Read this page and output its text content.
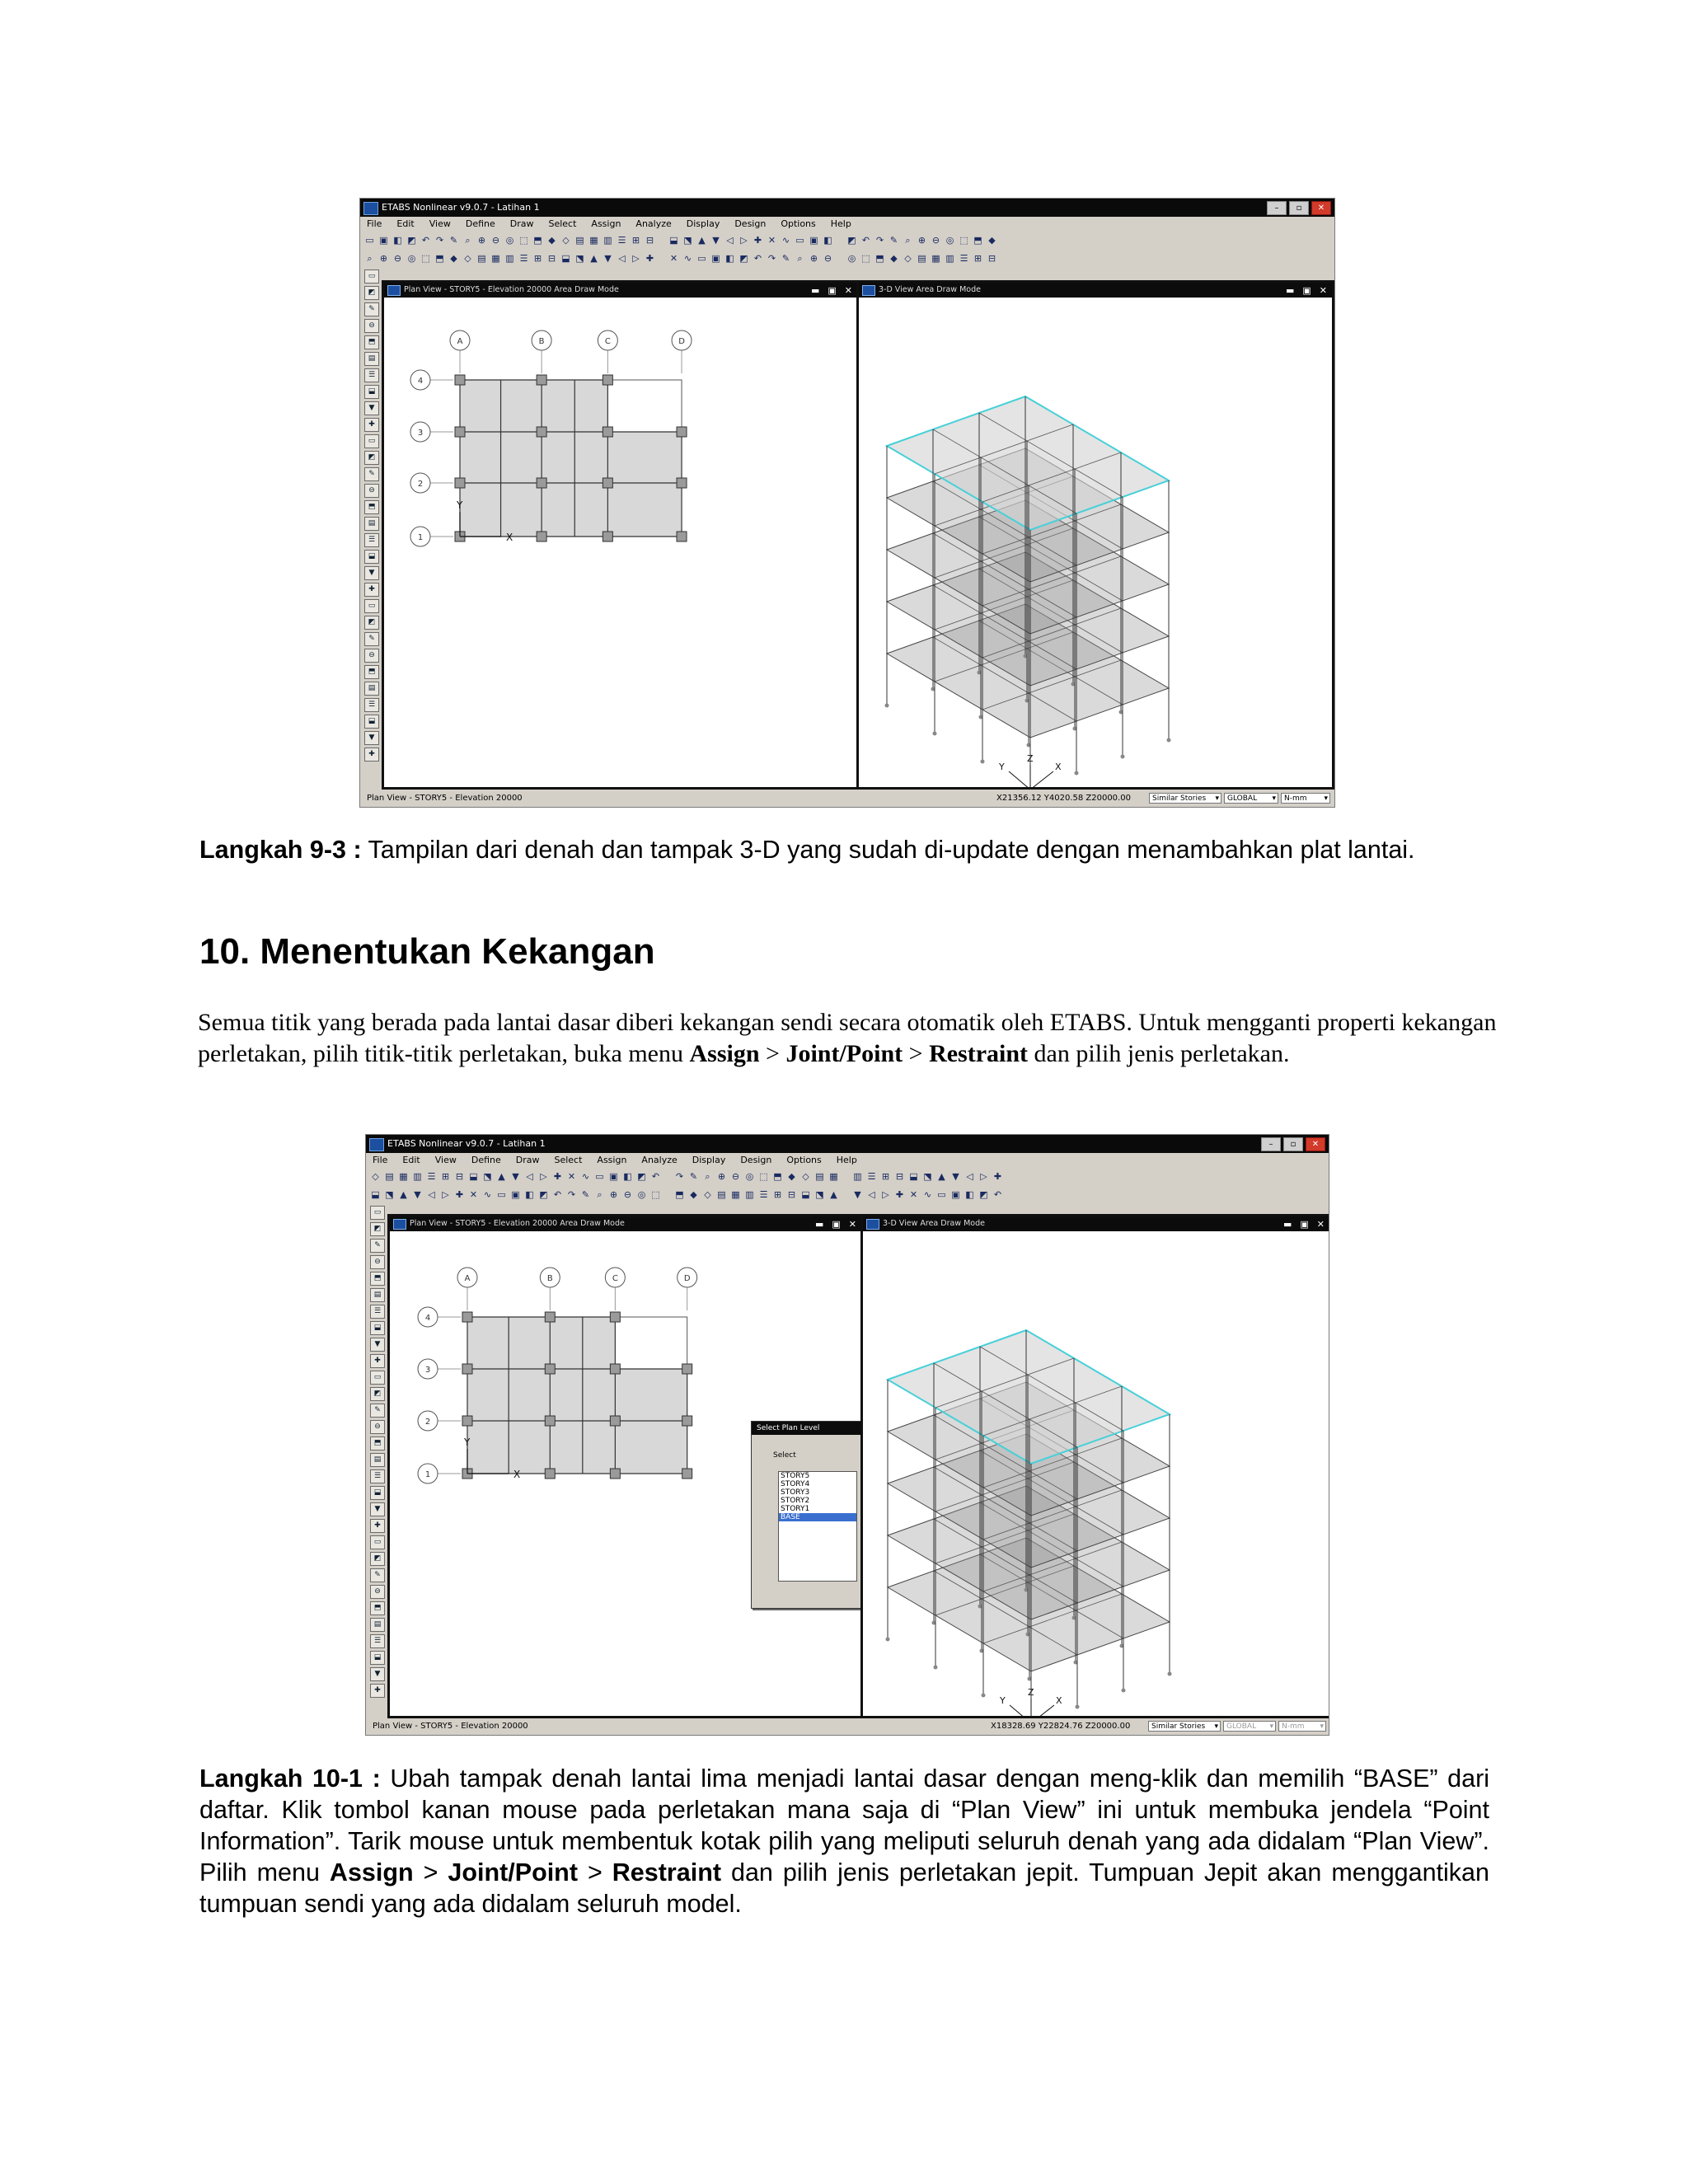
ETABS Nonlinear v9.0.7 - Latihan 1	–	▫	✕
File Edit View Define Draw Select Assign Analyze Display Design Options Help
▭ ▣ ◧ ◩ ↶ ↷ ✎ ⌕ ⊕ ⊖ ◎ ⬚ ⬒ ◆ ◇ ▤ ▦ ▥ ☰ ⊞ ⊟ ⬓ ⬔ ▲ ▼ ◁ ▷ ✚ ✕ ∿ ▭ ▣ ◧ ◩ ↶ ↷ ✎ ⌕ ⊕ ⊖ ◎ ⬚ ⬒ ◆
⌕ ⊕ ⊖ ◎ ⬚ ⬒ ◆ ◇ ▤ ▦ ▥ ☰ ⊞ ⊟ ⬓ ⬔ ▲ ▼ ◁ ▷ ✚ ✕ ∿ ▭ ▣ ◧ ◩ ↶ ↷ ✎ ⌕ ⊕ ⊖ ◎ ⬚ ⬒ ◆ ◇ ▤ ▦ ▥ ☰ ⊞ ⊟
▭
◩
✎
⊖
⬒
▤
☰
⬓
▼
✚
▭
◩
✎
⊖
⬒
▤
☰
⬓
▼
✚
▭
◩
✎
⊖
⬒
▤
☰
⬓
▼
✚
Plan View - STORY5 - Elevation 20000 Area Draw Mode	▬ ▣ ✕
A	B	C	D
4
3
2
1	X
Y
3-D View Area Draw Mode	▬ ▣ ✕
Z
X
Y
Plan View - STORY5 - Elevation 20000	X21356.12 Y4020.58 Z20000.00	Similar Stories ▾	GLOBAL ▾	N-mm ▾
Langkah 9-3 : Tampilan dari denah dan tampak 3-D yang sudah di-update dengan menambahkan plat lantai.
10. Menentukan Kekangan
Semua titik yang berada pada lantai dasar diberi kekangan sendi secara otomatik oleh ETABS. Untuk mengganti properti kekangan perletakan, pilih titik-titik perletakan, buka menu Assign > Joint/Point > Restraint dan pilih jenis perletakan.
ETABS Nonlinear v9.0.7 - Latihan 1	–	▫	✕
File Edit View Define Draw Select Assign Analyze Display Design Options Help
◇ ▤ ▦ ▥ ☰ ⊞ ⊟ ⬓ ⬔ ▲ ▼ ◁ ▷ ✚ ✕ ∿ ▭ ▣ ◧ ◩ ↶ ↷ ✎ ⌕ ⊕ ⊖ ◎ ⬚ ⬒ ◆ ◇ ▤ ▦ ▥ ☰ ⊞ ⊟ ⬓ ⬔ ▲ ▼ ◁ ▷ ✚
⬓ ⬔ ▲ ▼ ◁ ▷ ✚ ✕ ∿ ▭ ▣ ◧ ◩ ↶ ↷ ✎ ⌕ ⊕ ⊖ ◎ ⬚ ⬒ ◆ ◇ ▤ ▦ ▥ ☰ ⊞ ⊟ ⬓ ⬔ ▲ ▼ ◁ ▷ ✚ ✕ ∿ ▭ ▣ ◧ ◩ ↶
▭
◩
✎
⊖
⬒
▤
☰
⬓
▼
✚
▭
◩
✎
⊖
⬒
▤
☰
⬓
▼
✚
▭
◩
✎
⊖
⬒
▤
☰
⬓
▼
✚
Plan View - STORY5 - Elevation 20000 Area Draw Mode	▬ ▣ ✕
A	B	C	D
4
3
2
1	X
Y
Select Plan Level
Select
STORY5
STORY4
STORY3
STORY2
STORY1
BASE
3-D View Area Draw Mode	▬ ▣ ✕
Z
X
Y
Plan View - STORY5 - Elevation 20000	X18328.69 Y22824.76 Z20000.00	Similar Stories ▾	GLOBAL ▾	N-mm ▾
Langkah 10-1 : Ubah tampak denah lantai lima menjadi lantai dasar dengan meng-klik dan memilih “BASE” dari daftar. Klik tombol kanan mouse pada perletakan mana saja di “Plan View” ini untuk membuka jendela “Point Information”. Tarik mouse untuk membentuk kotak pilih yang meliputi seluruh denah yang ada didalam “Plan View”. Pilih menu Assign > Joint/Point > Restraint dan pilih jenis perletakan jepit. Tumpuan Jepit akan menggantikan tumpuan sendi yang ada didalam seluruh model.
